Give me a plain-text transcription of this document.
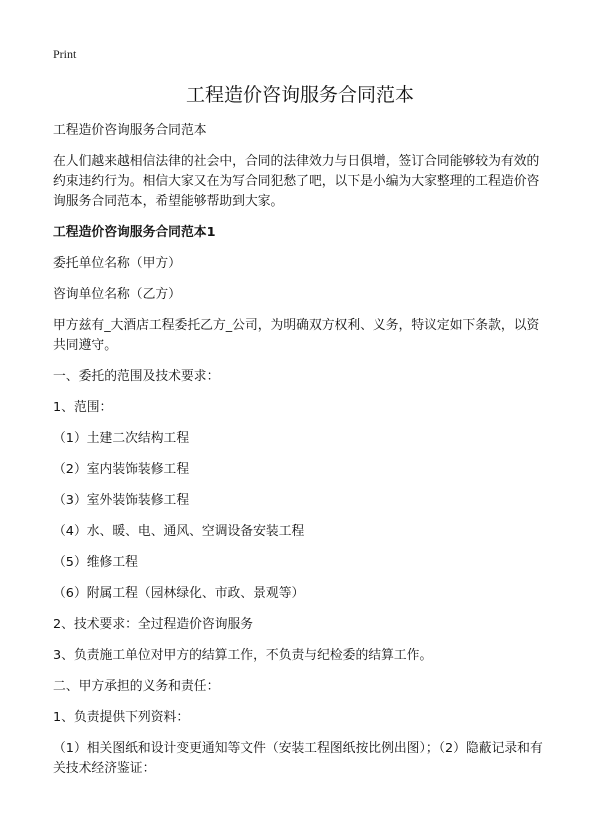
Print
工程造价咨询服务合同范本

工程造价咨询服务合同范本

在人们越来越相信法律的社会中，合同的法律效力与日俱增，签订合同能够较为有效的约束违约行为。相信大家又在为写合同犯愁了吧，以下是小编为大家整理的工程造价咨询服务合同范本，希望能够帮助到大家。

工程造价咨询服务合同范本1

委托单位名称（甲方）

咨询单位名称（乙方）

甲方兹有_大酒店工程委托乙方_公司，为明确双方权利、义务，特议定如下条款，以资共同遵守。

一、委托的范围及技术要求：

1、范围：

（1）土建二次结构工程

（2）室内装饰装修工程

（3）室外装饰装修工程

（4）水、暖、电、通风、空调设备安装工程

（5）维修工程

（6）附属工程（园林绿化、市政、景观等）

2、技术要求：全过程造价咨询服务

3、负责施工单位对甲方的结算工作，不负责与纪检委的结算工作。

二、甲方承担的义务和责任：

1、负责提供下列资料：

（1）相关图纸和设计变更通知等文件（安装工程图纸按比例出图）；（2）隐蔽记录和有关技术经济鉴证：
